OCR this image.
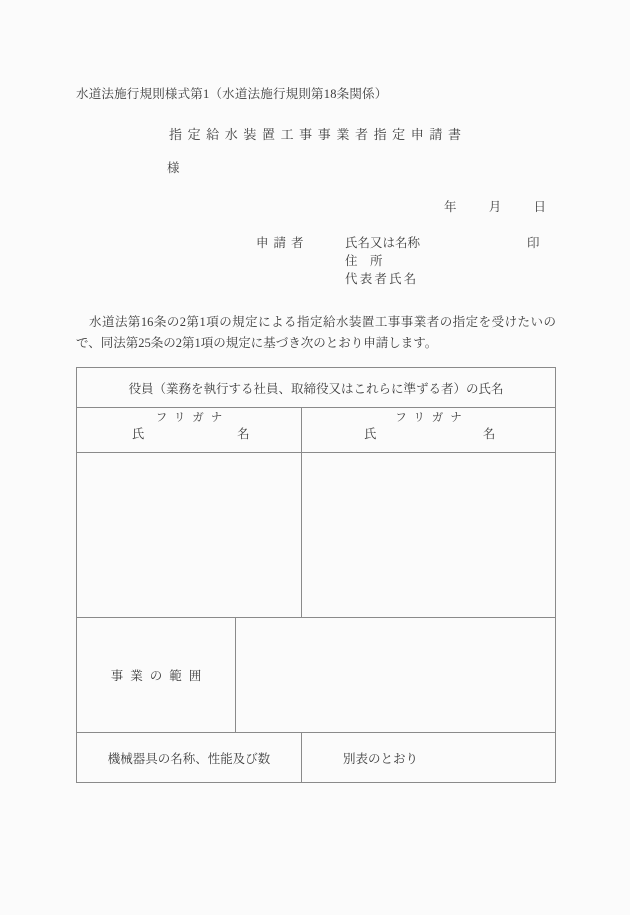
水道法施行規則様式第1（水道法施行規則第18条関係）
指定給水装置工事事業者指定申請書
様
年	月	日
申請者	氏名又は名称	印
住　所
代表者氏名
水道法第16条の2第1項の規定による指定給水装置工事事業者の指定を受けたいので、同法第25条の2第1項の規定に基づき次のとおり申請します。
役員（業務を執行する社員、取締役又はこれらに準ずる者）の氏名		

フリガナ
氏	名

フリガナ
氏	名

事業の範囲		
機械器具の名称、性能及び数		別表のとおり
